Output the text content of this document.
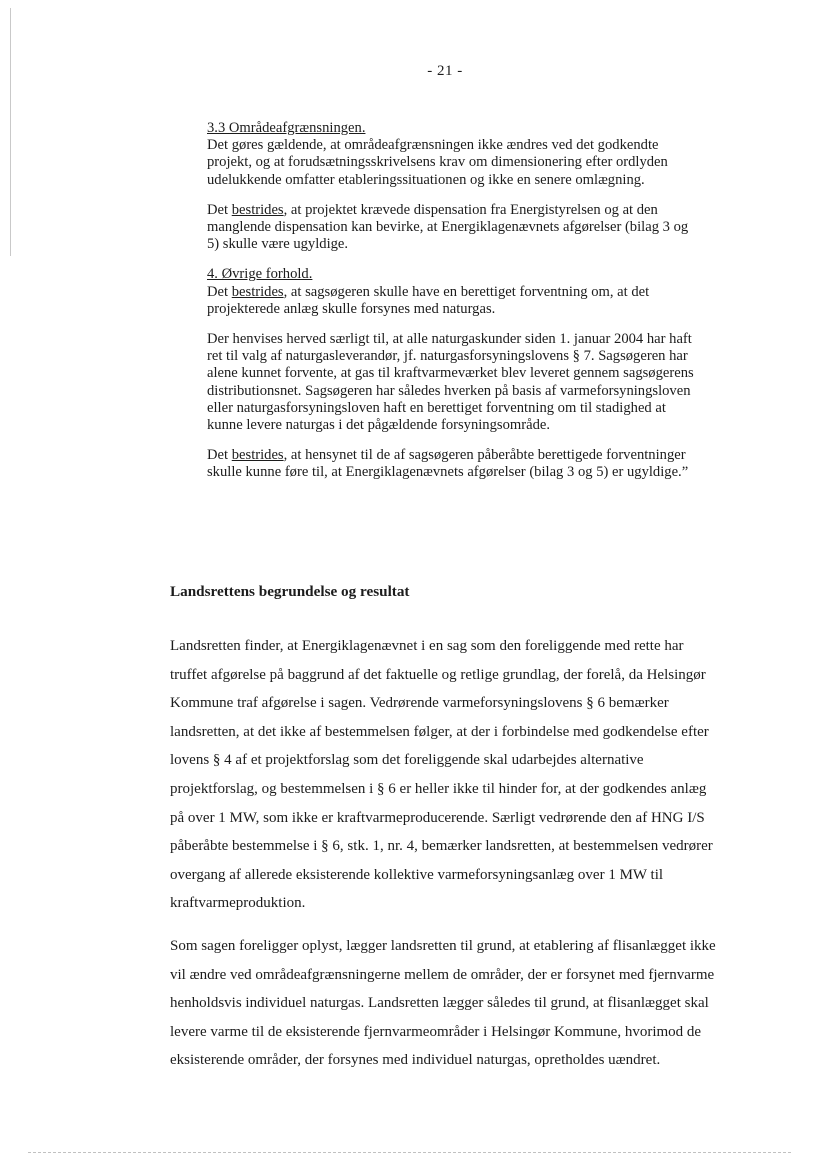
- 21 -

3.3 Områdeafgrænsningen.

Det gøres gældende, at områdeafgrænsningen ikke ændres ved det godkendte projekt, og at forudsætningsskrivelsens krav om dimensionering efter ordlyden udelukkende omfatter etableringssituationen og ikke en senere omlægning.

Det bestrides, at projektet krævede dispensation fra Energistyrelsen og at den manglende dispensation kan bevirke, at Energiklagenævnets afgørelser (bilag 3 og 5) skulle være ugyldige.

4. Øvrige forhold.

Det bestrides, at sagsøgeren skulle have en berettiget forventning om, at det projekterede anlæg skulle forsynes med naturgas.

Der henvises herved særligt til, at alle naturgaskunder siden 1. januar 2004 har haft ret til valg af naturgasleverandør, jf. naturgasforsyningslovens § 7. Sagsøgeren har alene kunnet forvente, at gas til kraftvarmeværket blev leveret gennem sagsøgerens distributionsnet. Sagsøgeren har således hverken på basis af varmeforsyningsloven eller naturgasforsyningsloven haft en berettiget forventning om til stadighed at kunne levere naturgas i det pågældende forsyningsområde.

Det bestrides, at hensynet til de af sagsøgeren påberåbte berettigede forventninger skulle kunne føre til, at Energiklagenævnets afgørelser (bilag 3 og 5) er ugyldige.”

Landsrettens begrundelse og resultat

Landsretten finder, at Energiklagenævnet i en sag som den foreliggende med rette har truffet afgørelse på baggrund af det faktuelle og retlige grundlag, der forelå, da Helsingør Kommune traf afgørelse i sagen. Vedrørende varmeforsyningslovens § 6 bemærker landsretten, at det ikke af bestemmelsen følger, at der i forbindelse med godkendelse efter lovens § 4 af et projektforslag som det foreliggende skal udarbejdes alternative projektforslag, og bestemmelsen i § 6 er heller ikke til hinder for, at der godkendes anlæg på over 1 MW, som ikke er kraftvarmeproducerende. Særligt vedrørende den af HNG I/S påberåbte bestemmelse i § 6, stk. 1, nr. 4, bemærker landsretten, at bestemmelsen vedrører overgang af allerede eksisterende kollektive varmeforsyningsanlæg over 1 MW til kraftvarmeproduktion.

Som sagen foreligger oplyst, lægger landsretten til grund, at etablering af flisanlægget ikke vil ændre ved områdeafgrænsningerne mellem de områder, der er forsynet med fjernvarme henholdsvis individuel naturgas. Landsretten lægger således til grund, at flisanlægget skal levere varme til de eksisterende fjernvarmeområder i Helsingør Kommune, hvorimod de eksisterende områder, der forsynes med individuel naturgas, opretholdes uændret.
